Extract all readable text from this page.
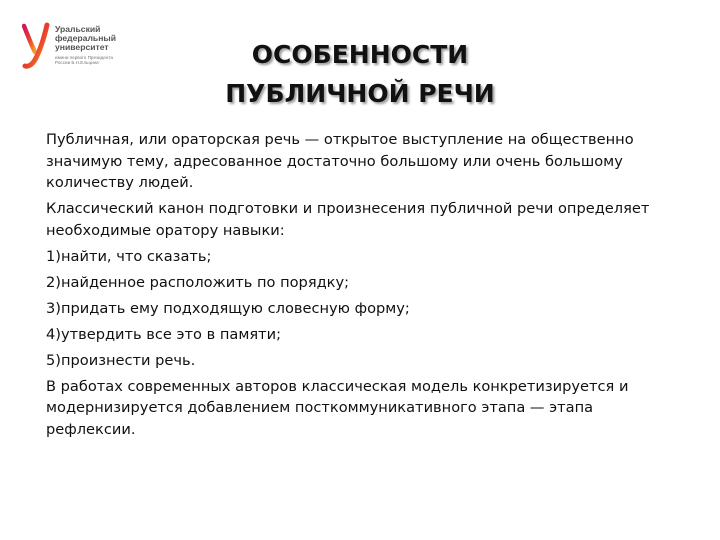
Уральский
федеральный
университет
имени первого Президента
России Б.Н.Ельцина	ОСОБЕННОСТИ
ПУБЛИЧНОЙ РЕЧИ

Публичная, или ораторская речь — открытое выступление на общественно значимую тему, адресованное достаточно большому или очень большому количеству людей.

Классический канон подготовки и произнесения публичной речи определяет необходимые оратору навыки:

1)найти, что сказать;

2)найденное расположить по порядку;

3)придать ему подходящую словесную форму;

4)утвердить все это в памяти;

5)произнести речь.

В работах современных авторов классическая модель конкретизируется и модернизируется добавлением посткоммуникативного этапа — этапа рефлексии.
